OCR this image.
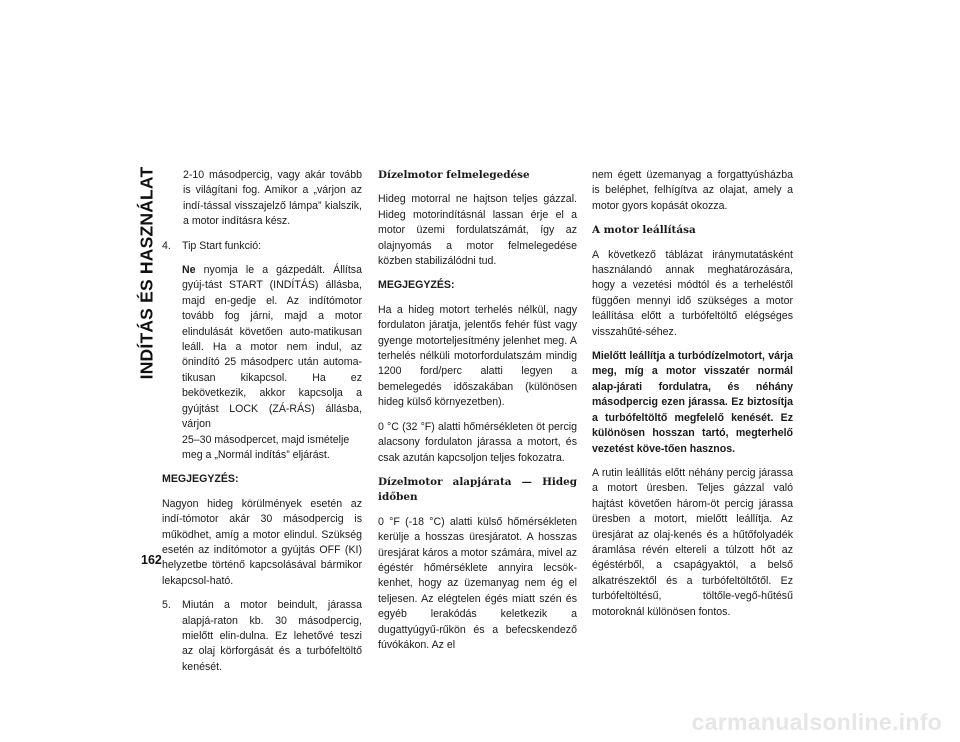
INDÍTÁS ÉS HASZNÁLAT
162

2-10 másodpercig, vagy akár tovább is világítani fog. Amikor a „várjon az indí-tással visszajelző lámpa” kialszik, a motor indításra kész.

4.	Tip Start funkció:

Ne nyomja le a gázpedált. Állítsa gyúj-tást START (INDÍTÁS) állásba, majd en-gedje el. Az indítómotor tovább fog járni, majd a motor elindulását követően auto-matikusan leáll. Ha a motor nem indul, az önindító 25 másodperc után automa-tikusan kikapcsol. Ha ez bekövetkezik, akkor kapcsolja a gyújtást LOCK (ZÁ-RÁS) állásba, várjon
25–30 másodpercet, majd ismételje meg a „Normál indítás” eljárást.

MEGJEGYZÉS:

Nagyon hideg körülmények esetén az indí-tómotor akár 30 másodpercig is működhet, amíg a motor elindul. Szükség esetén az indítómotor a gyújtás OFF (KI) helyzetbe történő kapcsolásával bármikor lekapcsol-ható.

5.	Miután a motor beindult, járassa alapjá-raton kb. 30 másodpercig, mielőtt elin-dulna. Ez lehetővé teszi az olaj körforgását és a turbófeltöltő kenését.

Dízelmotor felmelegedése

Hideg motorral ne hajtson teljes gázzal. Hideg motorindításnál lassan érje el a motor üzemi fordulatszámát, így az olajnyomás a motor felmelegedése közben stabilizálódni tud.

MEGJEGYZÉS:

Ha a hideg motort terhelés nélkül, nagy fordulaton járatja, jelentős fehér füst vagy gyenge motorteljesítmény jelenhet meg. A terhelés nélküli motorfordulatszám mindig 1200 ford/perc alatti legyen a bemelegedés időszakában (különösen hideg külső környezetben).

0 °C (32 °F) alatti hőmérsékleten öt percig alacsony fordulaton járassa a motort, és csak azután kapcsoljon teljes fokozatra.

Dízelmotor alapjárata — Hideg időben

0 °F (-18 °C) alatti külső hőmérsékleten kerülje a hosszas üresjáratot. A hosszas üresjárat káros a motor számára, mivel az égéstér hőmérséklete annyira lecsök-kenhet, hogy az üzemanyag nem ég el teljesen. Az elégtelen égés miatt szén és egyéb lerakódás keletkezik a dugattyúgyű-rűkön és a befecskendező fúvókákon. Az el

nem égett üzemanyag a forgattyúsházba is beléphet, felhígítva az olajat, amely a motor gyors kopását okozza.

A motor leállítása

A következő táblázat iránymutatásként használandó annak meghatározására, hogy a vezetési módtól és a terheléstől függően mennyi idő szükséges a motor leállítása előtt a turbófeltöltő elégséges visszahűté-séhez.

Mielőtt leállítja a turbódízelmotort, várja meg, míg a motor visszatér normál alap-járati fordulatra, és néhány másodpercig ezen járassa. Ez biztosítja a turbófeltöltő megfelelő kenését. Ez különösen hosszan tartó, megterhelő vezetést köve-tően hasznos.

A rutin leállítás előtt néhány percig járassa a motort üresben. Teljes gázzal való hajtást követően három-öt percig járassa üresben a motort, mielőtt leállítja. Az üresjárat az olaj-kenés és a hűtőfolyadék áramlása révén eltereli a túlzott hőt az égéstérből, a csapágyaktól, a belső alkatrészektől és a turbófeltöltőtől. Ez turbófeltöltésű, töltőle-vegő-hűtésű motoroknál különösen fontos.

carmanualsonline.info
